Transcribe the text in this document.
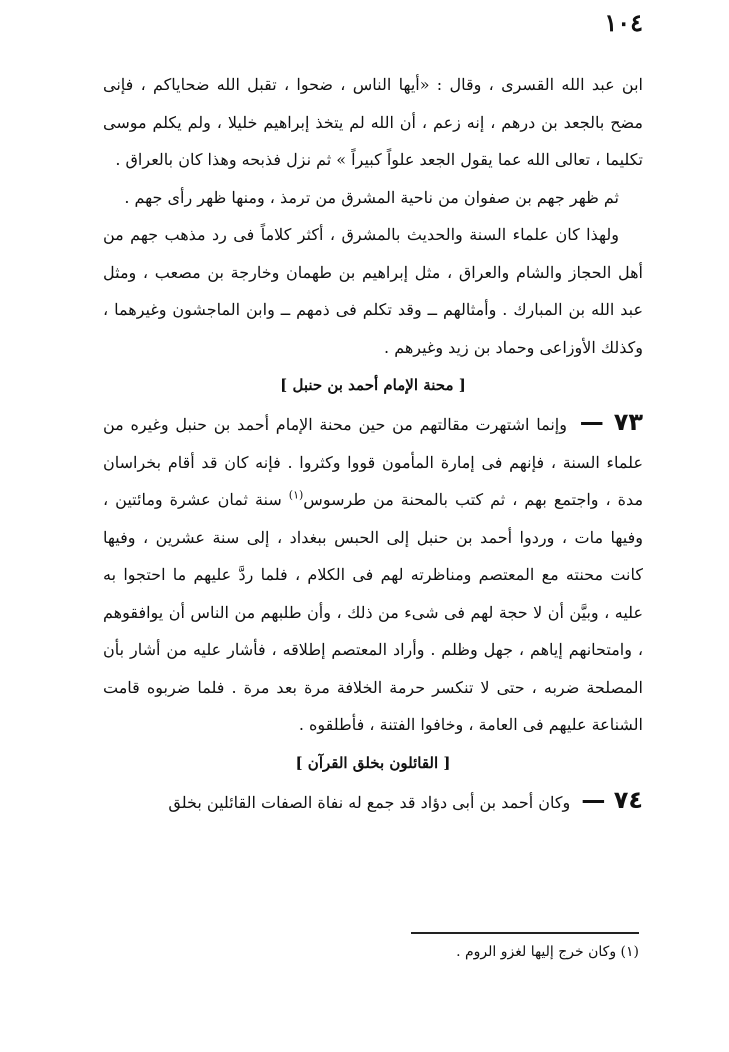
١٠٤

ابن عبد الله القسرى ، وقال : «أيها الناس ، ضحوا ، تقبل الله ضحاياكم ، فإنى مضح بالجعد بن درهم ، إنه زعم ، أن الله لم يتخذ إبراهيم خليلا ، ولم يكلم موسى تكليما ، تعالى الله عما يقول الجعد علواً كبيراً » ثم نزل فذبحه وهذا كان بالعراق .

ثم ظهر جهم بن صفوان من ناحية المشرق من ترمذ ، ومنها ظهر رأى جهم .

ولهذا كان علماء السنة والحديث بالمشرق ، أكثر كلاماً فى رد مذهب جهم من أهل الحجاز والشام والعراق ، مثل إبراهيم بن طهمان وخارجة بن مصعب ، ومثل عبد الله بن المبارك . وأمثالهم ــ وقد تكلم فى ذمهم ــ وابن الماجشون وغيرهما ، وكذلك الأوزاعى وحماد بن زيد وغيرهم .

[ محنة الإمام أحمد بن حنبل ]

٧٣ — وإنما اشتهرت مقالتهم من حين محنة الإمام أحمد بن حنبل وغيره من علماء السنة ، فإنهم فى إمارة المأمون قووا وكثروا . فإنه كان قد أقام بخراسان مدة ، واجتمع بهم ، ثم كتب بالمحنة من طرسوس$^{(١)}$ سنة ثمان عشرة ومائتين ، وفيها مات ، وردوا أحمد بن حنبل إلى الحبس ببغداد ، إلى سنة عشرين ، وفيها كانت محنته مع المعتصم ومناظرته لهم فى الكلام ، فلما ردَّ عليهم ما احتجوا به عليه ، وبيَّن أن لا حجة لهم فى شىء من ذلك ، وأن طلبهم من الناس أن يوافقوهم ، وامتحانهم إياهم ، جهل وظلم . وأراد المعتصم إطلاقه ، فأشار عليه من أشار بأن المصلحة ضربه ، حتى لا تنكسر حرمة الخلافة مرة بعد مرة . فلما ضربوه قامت الشناعة عليهم فى العامة ، وخافوا الفتنة ، فأطلقوه .

[ القائلون بخلق القرآن ]

٧٤ — وكان أحمد بن أبى دؤاد قد جمع له نفاة الصفات القائلين بخلق

(١) وكان خرج إليها لغزو الروم .
